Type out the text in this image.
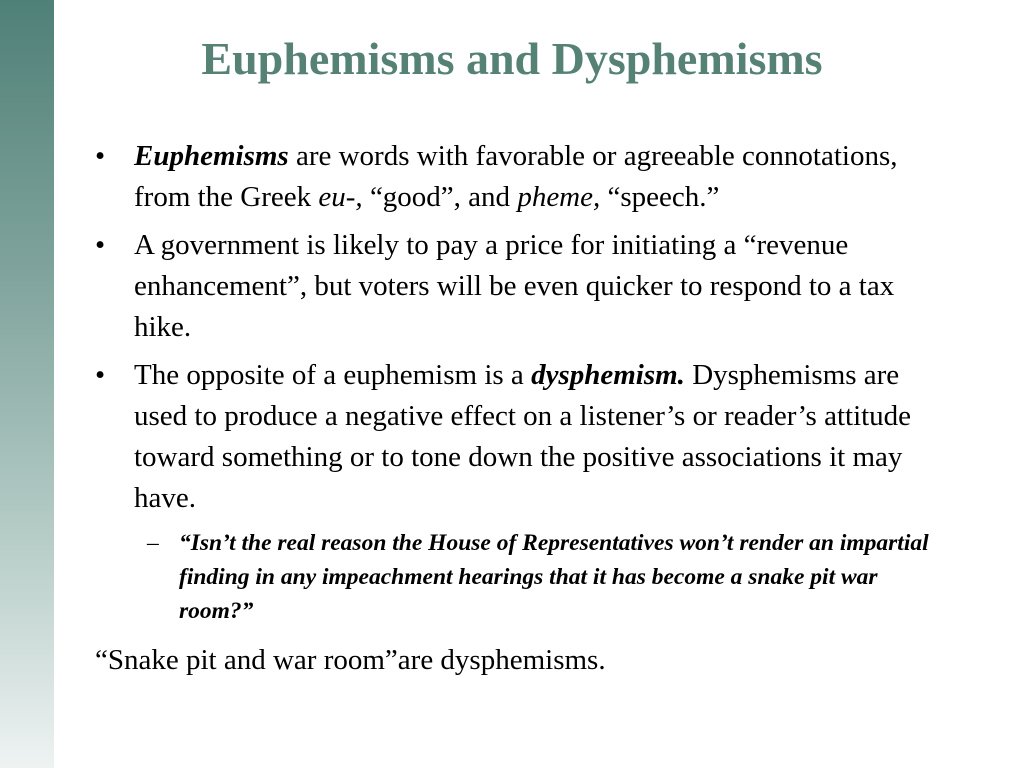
Euphemisms and Dysphemisms
• Euphemisms are words with favorable or agreeable connotations, from the Greek eu-, “good”, and pheme, “speech.”
• A government is likely to pay a price for initiating a “revenue enhancement”, but voters will be even quicker to respond to a tax hike.
• The opposite of a euphemism is a dysphemism. Dysphemisms are used to produce a negative effect on a listener’s or reader’s attitude toward something or to tone down the positive associations it may have.
– “Isn’t the real reason the House of Representatives won’t render an impartial finding in any impeachment hearings that it has become a snake pit war room?”

“Snake pit and war room”are dysphemisms.
